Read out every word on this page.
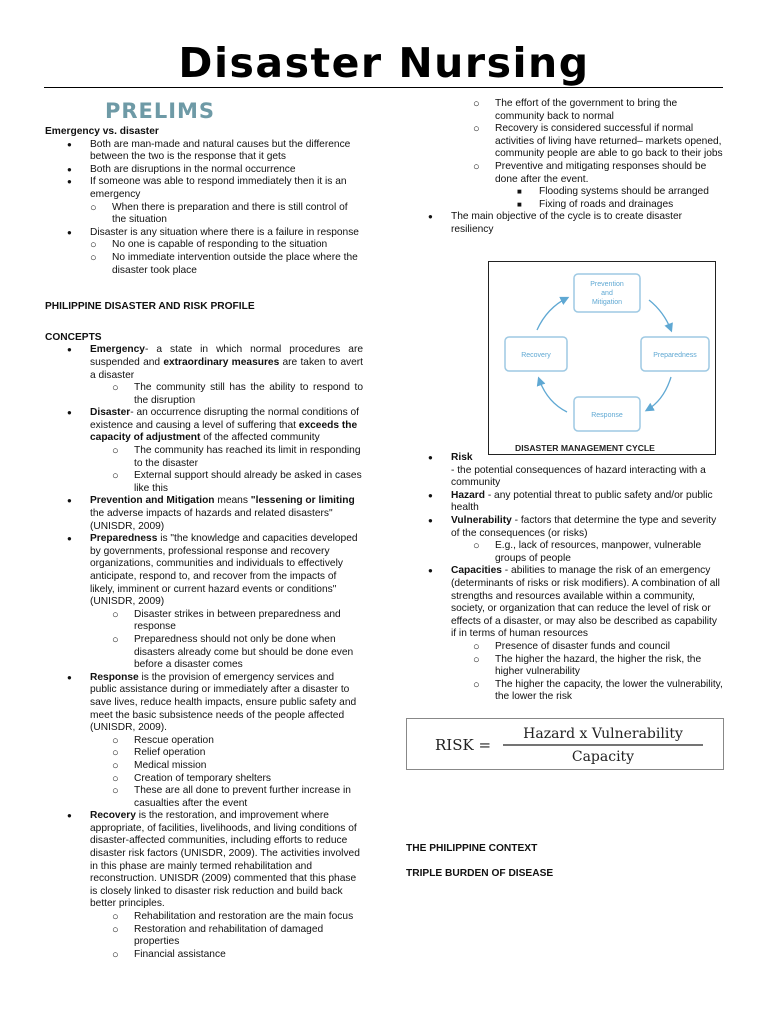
Disaster Nursing
PRELIMS

Emergency vs. disaster

● Both are man-made and natural causes but the difference between the two is the response that it gets
● Both are disruptions in the normal occurrence
● If someone was able to respond immediately then it is an emergency
○ When there is preparation and there is still control of the situation
● Disaster is any situation where there is a failure in response
○ No one is capable of responding to the situation
○ No immediate intervention outside the place where the disaster took place

PHILIPPINE DISASTER AND RISK PROFILE

CONCEPTS

● Emergency- a state in which normal procedures are suspended and extraordinary measures are taken to avert a disaster
○ The community still has the ability to respond to the disruption
● Disaster- an occurrence disrupting the normal conditions of existence and causing a level of suffering that exceeds the capacity of adjustment of the affected community
○ The community has reached its limit in responding to the disaster
○ External support should already be asked in cases like this
● Prevention and Mitigation means "lessening or limiting the adverse impacts of hazards and related disasters" (UNISDR, 2009)
● Preparedness is "the knowledge and capacities developed by governments, professional response and recovery organizations, communities and individuals to effectively anticipate, respond to, and recover from the impacts of likely, imminent or current hazard events or conditions" (UNISDR, 2009)
○ Disaster strikes in between preparedness and response
○ Preparedness should not only be done when disasters already come but should be done even before a disaster comes
● Response is the provision of emergency services and public assistance during or immediately after a disaster to save lives, reduce health impacts, ensure public safety and meet the basic subsistence needs of the people affected (UNISDR, 2009).
○ Rescue operation
○ Relief operation
○ Medical mission
○ Creation of temporary shelters
○ These are all done to prevent further increase in casualties after the event
● Recovery is the restoration, and improvement where appropriate, of facilities, livelihoods, and living conditions of disaster-affected communities, including efforts to reduce disaster risk factors (UNISDR, 2009). The activities involved in this phase are mainly termed rehabilitation and reconstruction. UNISDR (2009) commented that this phase is closely linked to disaster risk reduction and build back better principles.
○ Rehabilitation and restoration are the main focus
○ Restoration and rehabilitation of damaged properties
○ Financial assistance
○ The effort of the government to bring the community back to normal
○ Recovery is considered successful if normal activities of living have returned– markets opened, community people are able to go back to their jobs
○ Preventive and mitigating responses should be done after the event.
■ Flooding systems should be arranged
■ Fixing of roads and drainages
● The main objective of the cycle is to create disaster resiliency
Prevention
and
Mitigation
Preparedness
Response
Recovery
DISASTER MANAGEMENT CYCLE
● Risk
- the potential consequences of hazard interacting with a community
● Hazard - any potential threat to public safety and/or public health
● Vulnerability - factors that determine the type and severity of the consequences (or risks)
○ E.g., lack of resources, manpower, vulnerable groups of people
● Capacities - abilities to manage the risk of an emergency (determinants of risks or risk modifiers). A combination of all strengths and resources available within a community, society, or organization that can reduce the level of risk or effects of a disaster, or may also be described as capability if in terms of human resources
○ Presence of disaster funds and council
○ The higher the hazard, the higher the risk, the higher vulnerability
○ The higher the capacity, the lower the vulnerability, the lower the risk
RISK =
Hazard x Vulnerability
Capacity
THE PHILIPPINE CONTEXT
TRIPLE BURDEN OF DISEASE
